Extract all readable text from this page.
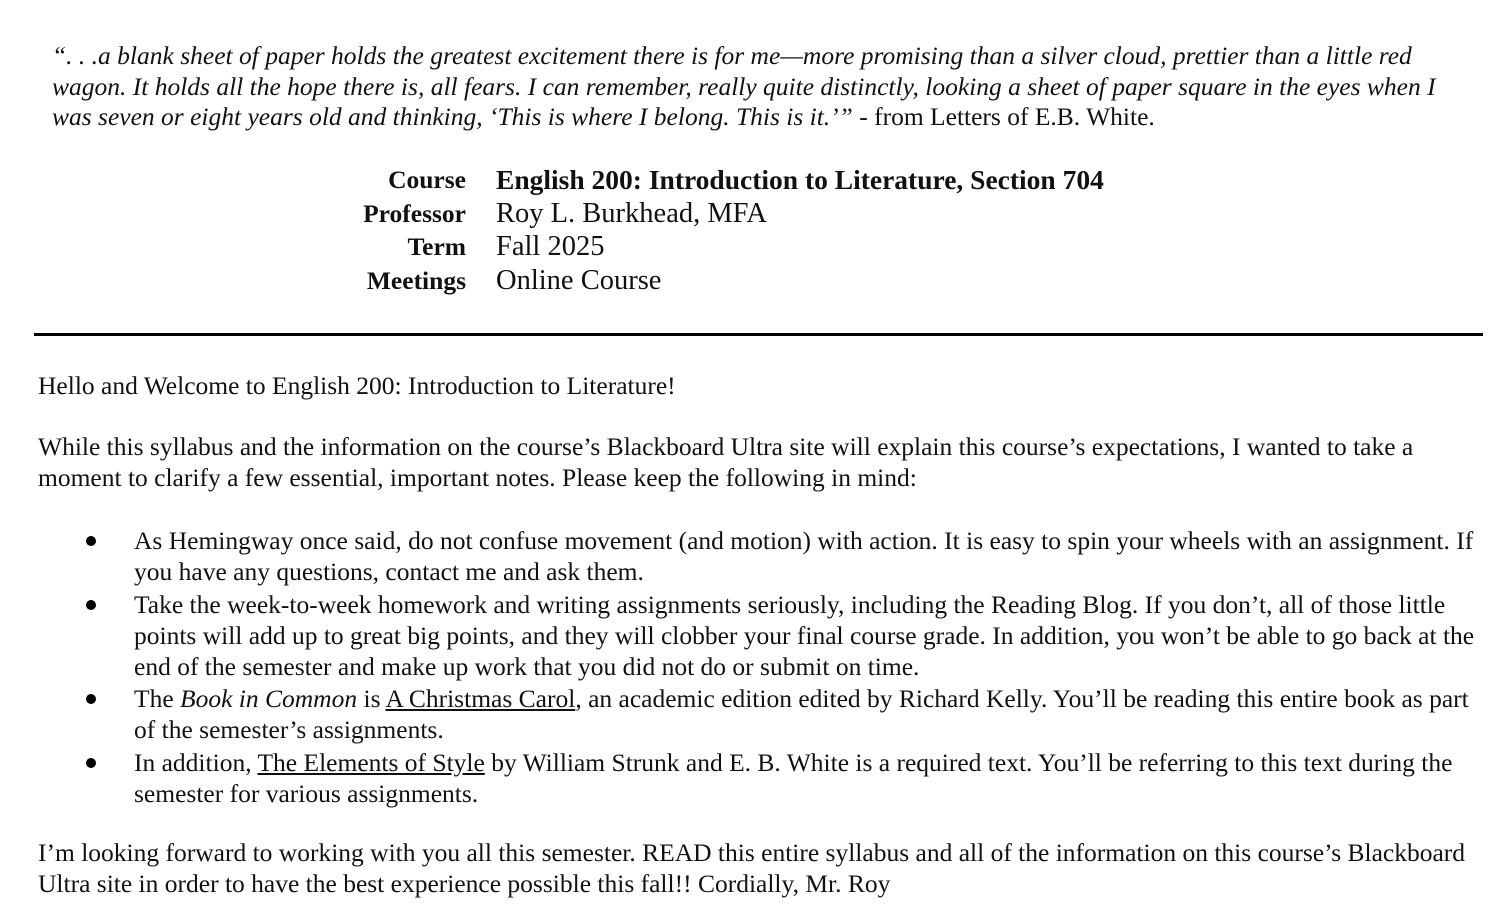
“. . .a blank sheet of paper holds the greatest excitement there is for me—more promising than a silver cloud, prettier than a little red wagon. It holds all the hope there is, all fears. I can remember, really quite distinctly, looking a sheet of paper square in the eyes when I was seven or eight years old and thinking, ‘This is where I belong. This is it.’” - from Letters of E.B. White.

Course English 200: Introduction to Literature, Section 704
Professor Roy L. Burkhead, MFA
Term Fall 2025
Meetings Online Course

Hello and Welcome to English 200: Introduction to Literature!

While this syllabus and the information on the course’s Blackboard Ultra site will explain this course’s expectations, I wanted to take a moment to clarify a few essential, important notes. Please keep the following in mind:

As Hemingway once said, do not confuse movement (and motion) with action. It is easy to spin your wheels with an assignment. If you have any questions, contact me and ask them.
Take the week-to-week homework and writing assignments seriously, including the Reading Blog. If you don’t, all of those little points will add up to great big points, and they will clobber your final course grade. In addition, you won’t be able to go back at the end of the semester and make up work that you did not do or submit on time.
The Book in Common is A Christmas Carol, an academic edition edited by Richard Kelly. You’ll be reading this entire book as part of the semester’s assignments.
In addition, The Elements of Style by William Strunk and E. B. White is a required text. You’ll be referring to this text during the semester for various assignments.

I’m looking forward to working with you all this semester. READ this entire syllabus and all of the information on this course’s Blackboard Ultra site in order to have the best experience possible this fall!! Cordially, Mr. Roy
